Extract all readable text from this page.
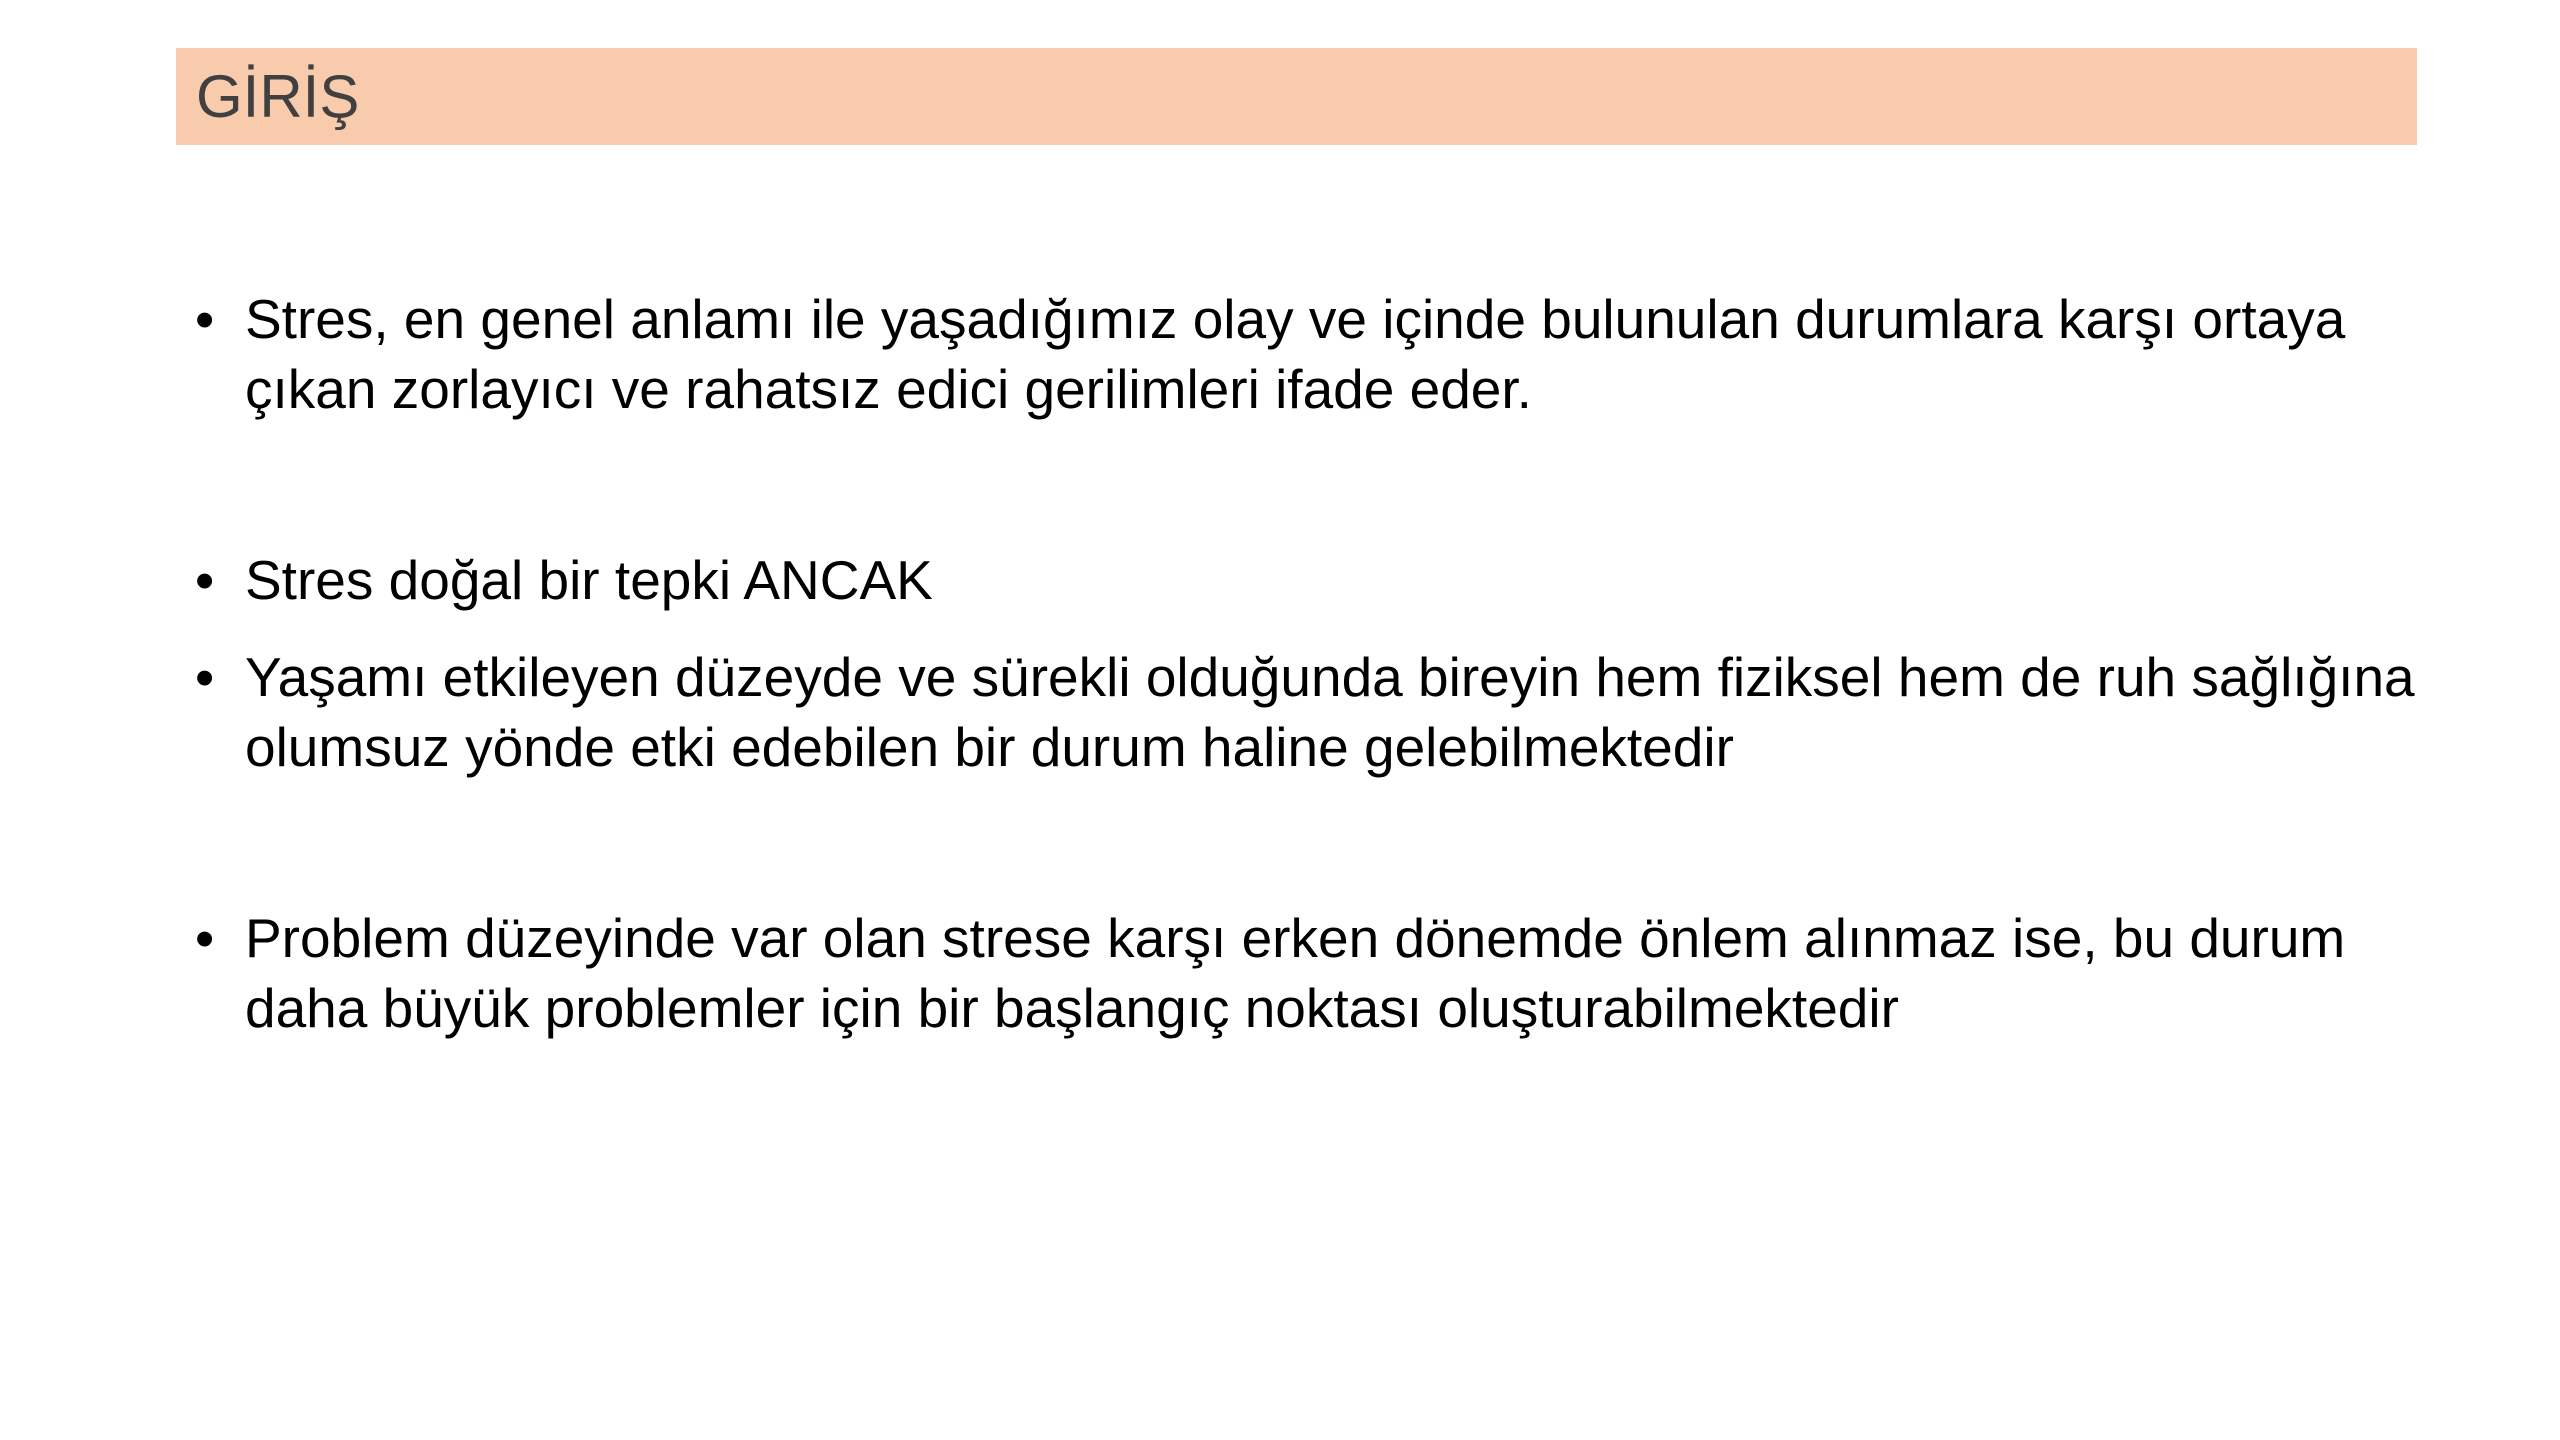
GİRİŞ
• Stres, en genel anlamı ile yaşadığımız olay ve içinde bulunulan durumlara karşı ortaya çıkan zorlayıcı ve rahatsız edici gerilimleri ifade eder.
• Stres doğal bir tepki ANCAK
• Yaşamı etkileyen düzeyde ve sürekli olduğunda bireyin hem fiziksel hem de ruh sağlığına olumsuz yönde etki edebilen bir durum haline gelebilmektedir
• Problem düzeyinde var olan strese karşı erken dönemde önlem alınmaz ise, bu durum daha büyük problemler için bir başlangıç noktası oluşturabilmektedir
